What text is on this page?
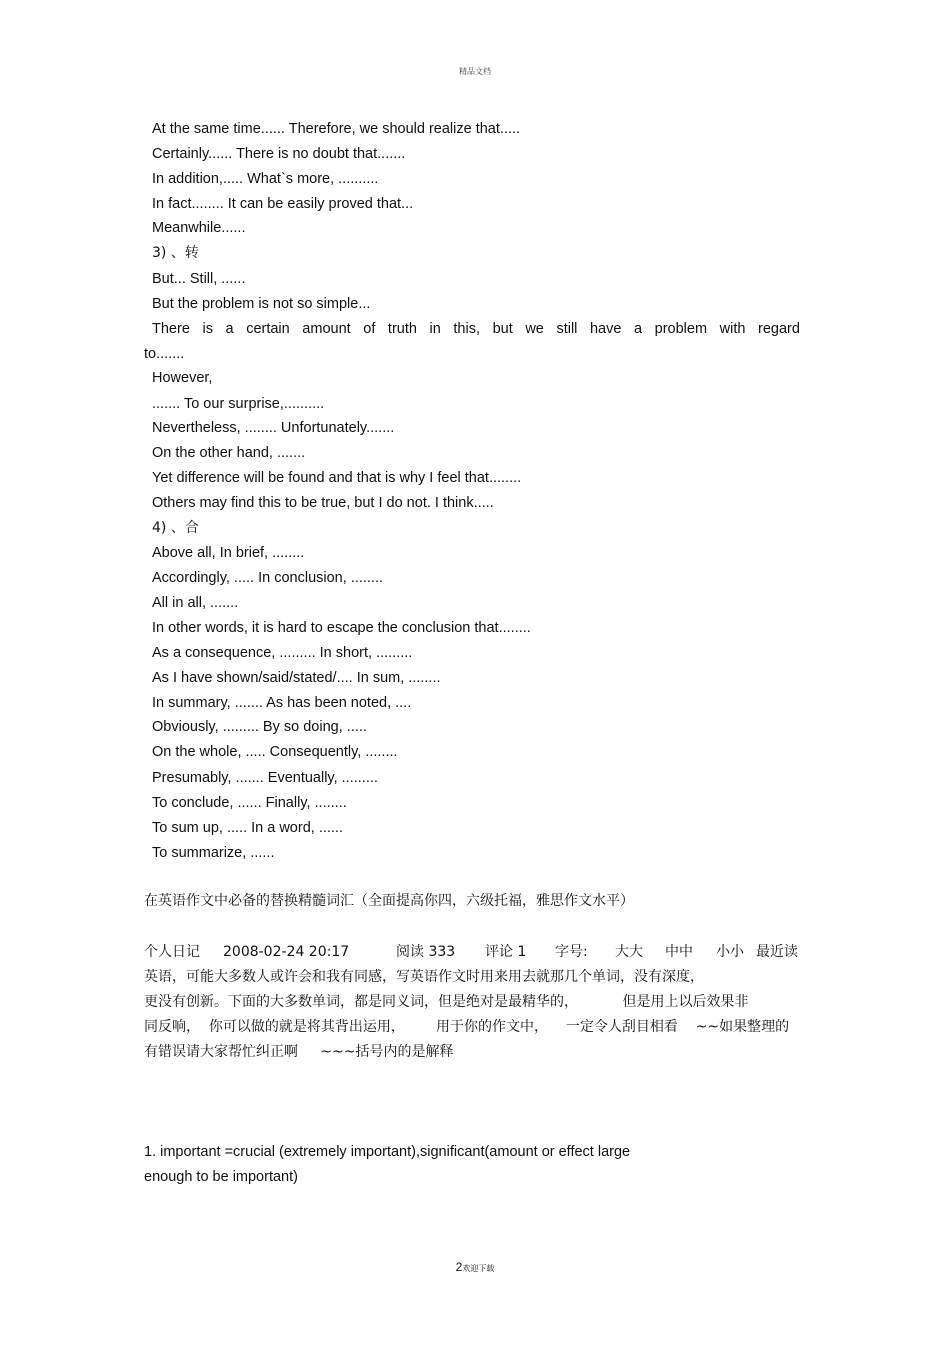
精品文档
At the same time...... Therefore, we should realize that.....
Certainly...... There is no doubt that.......
In addition,..... What`s more, ..........
In fact........ It can be easily proved that...
Meanwhile......
3) 、转
But... Still, ......
But the problem is not so simple...
There is a certain amount of truth in this, but we still have a problem with regard
to.......
However,
....... To our surprise,..........
Nevertheless, ........ Unfortunately.......
On the other hand, .......
Yet difference will be found and that is why I feel that........
Others may find this to be true, but I do not. I think.....
4) 、合
Above all, In brief, ........
Accordingly, ..... In conclusion, ........
All in all, .......
In other words, it is hard to escape the conclusion that........
As a consequence, ......... In short, .........
As I have shown/said/stated/.... In sum, ........
In summary, ....... As has been noted, ....
Obviously, ......... By so doing, .....
On the whole, ..... Consequently, ........
Presumably, ....... Eventually, .........
To conclude, ...... Finally, ........
To sum up, ..... In a word, ......
To summarize, ......
在英语作文中必备的替换精髓词汇（全面提高你四，六级托福，雅思作文水平）
个人日记 2008-02-24 20:17	阅读 333 评论 1 字号: 大大 中中 小小 最近读
英语，可能大多数人或许会和我有同感，写英语作文时用来用去就那几个单词，没有深度，
更没有创新。下面的大多数单词，都是同义词，但是绝对是最精华的，          但是用上以后效果非
同反响，  你可以做的就是将其背出运用，       用于你的作文中，    一定令人刮目相看    ~~如果整理的
有错误请大家帮忙纠正啊     ~~~括号内的是解释
1. important =crucial (extremely important),significant(amount or effect large
enough to be important)
2欢迎下载
